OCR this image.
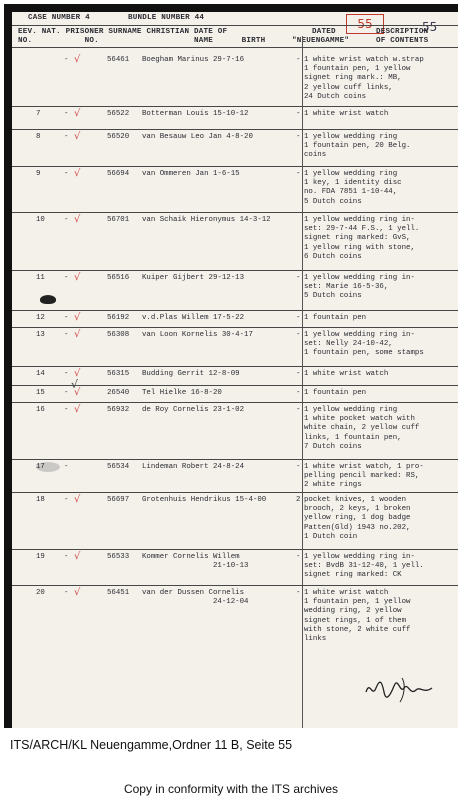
CASE NUMBER 4	BUNDLE NUMBER 44	55	55
EEV. NAT. PRISONER SURNAME CHRISTIAN DATE OF
NO.           NO.                    NAME      BIRTH
DATED
"NEUENGAMME"
DESCRIPTION
OF CONTENTS
√
- √	56461 Boegham Marinus 29-7-16	- 1 white wrist watch w.strap
1 fountain pen, 1 yellow
signet ring mark.: MB,
2 yellow cuff links,
24 Dutch coins
7	- √	56522 Botterman Louis 15-10-12	- 1 white wrist watch
8	- √	56520 van Besauw Leo Jan 4-8-20	- 1 yellow wedding ring
1 fountain pen, 20 Belg.
coins
9	- √	56694 van Ommeren Jan 1-6-15	- 1 yellow wedding ring
1 key, 1 identity disc
no. FDA 7851 1-10-44,
5 Dutch coins
10	- √	56701 van Schaik Hieronymus 14-3-12	1 yellow wedding ring in-
set: 29-7-44 F.S., 1 yell.
signet ring marked: GvS,
1 yellow ring with stone,
6 Dutch coins
11	- √	56516 Kuiper Gijbert 29-12-13	- 1 yellow wedding ring in-
set: Marie 16-5-36,
5 Dutch coins
12	- √	56192 v.d.Plas Willem 17-5-22	- 1 fountain pen
13	- √	56308 van Loon Kornelis 30-4-17	- 1 yellow wedding ring in-
set: Nelly 24-10-42,
1 fountain pen, some stamps
14	- √	56315 Budding Gerrit 12-8-09	- 1 white wrist watch
15	- √	26540 Tel Hielke 16-8-20	- 1 fountain pen
16	- √	56932 de Roy Cornelis 23-1-02	- 1 yellow wedding ring
1 white pocket watch with
white chain, 2 yellow cuff
links, 1 fountain pen,
7 Dutch coins
17	-	56534 Lindeman Robert 24-8-24	- 1 white wrist watch, 1 pro-
pelling pencil marked: RS,
2 white rings
18	- √	56697 Grotenhuis Hendrikus 15-4-00	2 pocket knives, 1 wooden
brooch, 2 keys, 1 broken
yellow ring, 1 dog badge
Patten(Gld) 1943 no.202,
1 Dutch coin
19	- √	56533 Kommer Cornelis Willem
21-10-13
- 1 yellow wedding ring in-
set: BvdB 31-12-40, 1 yell.
signet ring marked: CK
20	- √	56451 van der Dussen Cornelis
24-12-04
- 1 white wrist watch
1 fountain pen, 1 yellow
wedding ring, 2 yellow
signet rings, 1 of them
with stone, 2 white cuff
links
ITS/ARCH/KL Neuengamme,Ordner 11 B, Seite 55
Copy in conformity with the ITS archives
